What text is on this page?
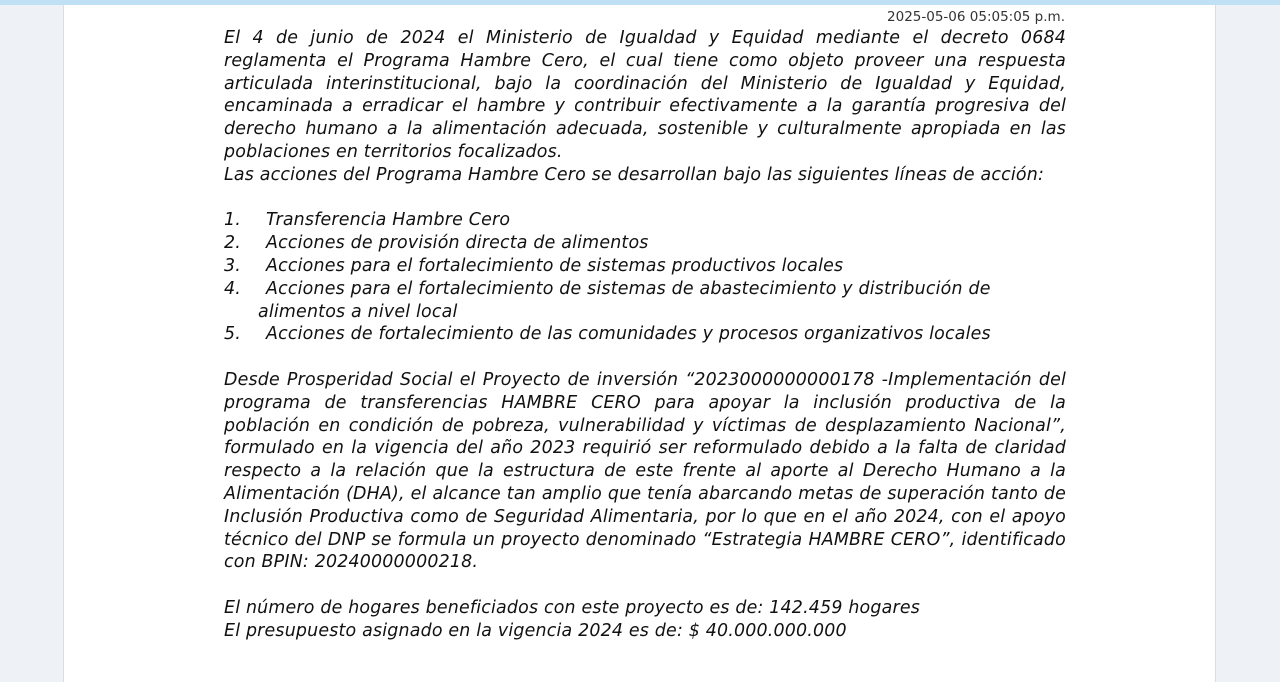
2025-05-06 05:05:05 p.m.

El 4 de junio de 2024 el Ministerio de Igualdad y Equidad mediante el decreto 0684 reglamenta el Programa Hambre Cero, el cual tiene como objeto proveer una respuesta articulada interinstitucional, bajo la coordinación del Ministerio de Igualdad y Equidad, encaminada a erradicar el hambre y contribuir efectivamente a la garantía progresiva del derecho humano a la alimentación adecuada, sostenible y culturalmente apropiada en las poblaciones en territorios focalizados.

Las acciones del Programa Hambre Cero se desarrollan bajo las siguientes líneas de acción:

1. Transferencia Hambre Cero
2. Acciones de provisión directa de alimentos
3. Acciones para el fortalecimiento de sistemas productivos locales
4. Acciones para el fortalecimiento de sistemas de abastecimiento y distribución de
alimentos a nivel local
5. Acciones de fortalecimiento de las comunidades y procesos organizativos locales

Desde Prosperidad Social el Proyecto de inversión “2023000000000178 -Implementación del programa de transferencias HAMBRE CERO para apoyar la inclusión productiva de la población en condición de pobreza, vulnerabilidad y víctimas de desplazamiento Nacional”, formulado en la vigencia del año 2023 requirió ser reformulado debido a la falta de claridad respecto a la relación que la estructura de este frente al aporte al Derecho Humano a la Alimentación (DHA), el alcance tan amplio que tenía abarcando metas de superación tanto de Inclusión Productiva como de Seguridad Alimentaria, por lo que en el año 2024, con el apoyo técnico del DNP se formula un proyecto denominado “Estrategia HAMBRE CERO”, identificado con BPIN: 20240000000218.

El número de hogares beneficiados con este proyecto es de: 142.459 hogares

El presupuesto asignado en la vigencia 2024 es de: $ 40.000.000.000
